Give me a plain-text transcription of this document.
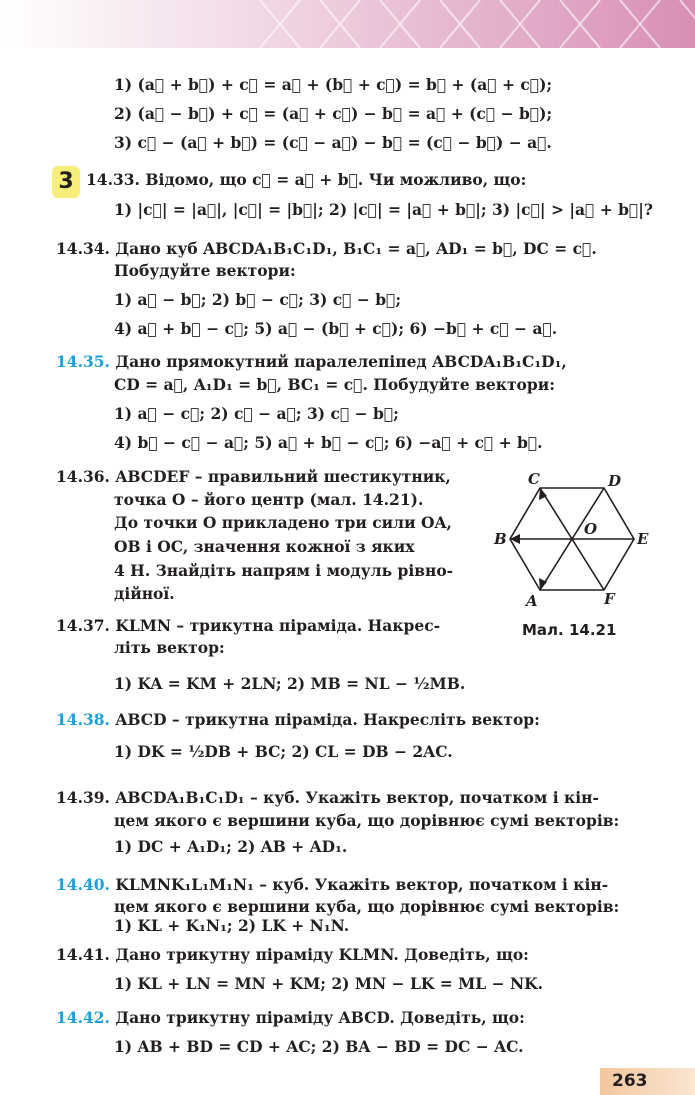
3
1) (a⃗ + b⃗) + c⃗ = a⃗ + (b⃗ + c⃗) = b⃗ + (a⃗ + c⃗);
2) (a⃗ − b⃗) + c⃗ = (a⃗ + c⃗) − b⃗ = a⃗ + (c⃗ − b⃗);
3) c⃗ − (a⃗ + b⃗) = (c⃗ − a⃗) − b⃗ = (c⃗ − b⃗) − a⃗.
14.33. Відомо, що c⃗ = a⃗ + b⃗. Чи можливо, що:
1) |c⃗| = |a⃗|, |c⃗| = |b⃗|; 2) |c⃗| = |a⃗ + b⃗|; 3) |c⃗| > |a⃗ + b⃗|?
14.34. Дано куб ABCDA₁B₁C₁D₁, B₁C₁ = a⃗, AD₁ = b⃗, DC = c⃗.
Побудуйте вектори:
1) a⃗ − b⃗; 2) b⃗ − c⃗; 3) c⃗ − b⃗;
4) a⃗ + b⃗ − c⃗; 5) a⃗ − (b⃗ + c⃗); 6) −b⃗ + c⃗ − a⃗.
14.35. Дано прямокутний паралелепіпед ABCDA₁B₁C₁D₁,
CD = a⃗, A₁D₁ = b⃗, BC₁ = c⃗. Побудуйте вектори:
1) a⃗ − c⃗; 2) c⃗ − a⃗; 3) c⃗ − b⃗;
4) b⃗ − c⃗ − a⃗; 5) a⃗ + b⃗ − c⃗; 6) −a⃗ + c⃗ + b⃗.
14.36. ABCDEF – правильний шестикутник,
точка O – його центр (мал. 14.21).
До точки O прикладено три сили OA,
OB і OC, значення кожної з яких
4 Н. Знайдіть напрям і модуль рівно-
дійної.
14.37. KLMN – трикутна піраміда. Накрес-
літь вектор:
1) KA = KM + 2LN; 2) MB = NL − ½MB.
14.38. ABCD – трикутна піраміда. Накресліть вектор:
1) DK = ½DB + BC; 2) CL = DB − 2AC.
14.39. ABCDA₁B₁C₁D₁ – куб. Укажіть вектор, початком і кін-
цем якого є вершини куба, що дорівнює сумі векторів:
1) DC + A₁D₁; 2) AB + AD₁.
14.40. KLMNK₁L₁M₁N₁ – куб. Укажіть вектор, початком і кін-
цем якого є вершини куба, що дорівнює сумі векторів:
1) KL + K₁N₁; 2) LK + N₁N.
14.41. Дано трикутну піраміду KLMN. Доведіть, що:
1) KL + LN = MN + KM; 2) MN − LK = ML − NK.
14.42. Дано трикутну піраміду ABCD. Доведіть, що:
1) AB + BD = CD + AC; 2) BA − BD = DC − AC.
C	D
B	E
A	F
O
Мал. 14.21
263
